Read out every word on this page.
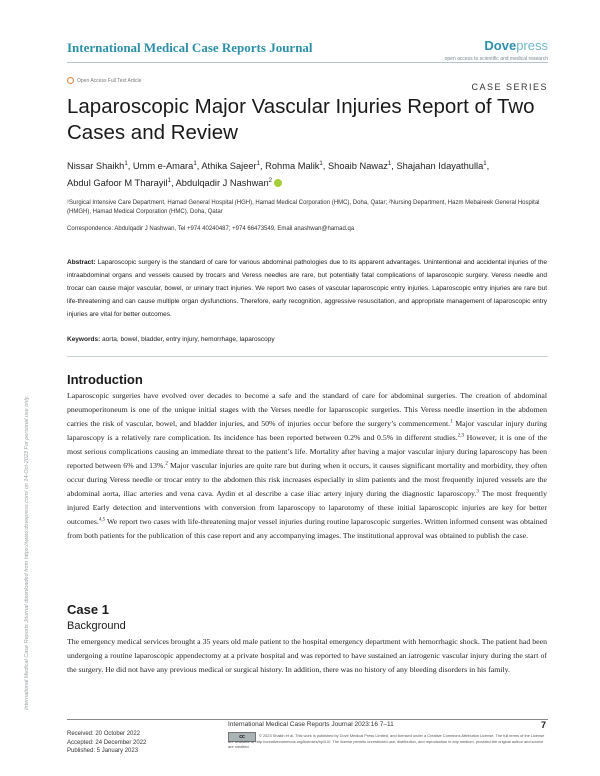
International Medical Case Reports Journal	Dovepress
open access to scientific and medical research
Open Access Full Text Article
CASE SERIES
Laparoscopic Major Vascular Injuries Report of Two Cases and Review
Nissar Shaikh$^1$, Umm e-Amara$^1$, Athika Sajeer$^1$, Rohma Malik$^1$, Shoaib Nawaz$^1$, Shajahan Idayathulla$^1$,
Abdul Gafoor M Tharayil$^1$, Abdulqadir J Nashwan$^2$
¹Surgical Intensive Care Department, Hamad General Hospital (HGH), Hamad Medical Corporation (HMC), Doha, Qatar; ²Nursing Department, Hazm Mebaireek General Hospital (HMGH), Hamad Medical Corporation (HMC), Doha, Qatar
Correspondence: Abdulqadir J Nashwan, Tel +974 40240487; +974 66473549, Email anashwan@hamad.qa
Abstract: Laparoscopic surgery is the standard of care for various abdominal pathologies due to its apparent advantages. Unintentional and accidental injuries of the intraabdominal organs and vessels caused by trocars and Veress needles are rare, but potentially fatal complications of laparoscopic surgery. Veress needle and trocar can cause major vascular, bowel, or urinary tract injuries. We report two cases of vascular laparoscopic entry injuries. Laparoscopic entry injuries are rare but life-threatening and can cause multiple organ dysfunctions. Therefore, early recognition, aggressive resuscitation, and appropriate management of laparoscopic entry injuries are vital for better outcomes.
Keywords: aorta, bowel, bladder, entry injury, hemorrhage, laparoscopy
Introduction
Laparoscopic surgeries have evolved over decades to become a safe and the standard of care for abdominal surgeries. The creation of abdominal pneumoperitoneum is one of the unique initial stages with the Verses needle for laparoscopic surgeries. This Veress needle insertion in the abdomen carries the risk of vascular, bowel, and bladder injuries, and 50% of injuries occur before the surgery’s commencement.$^1$ Major vascular injury during laparoscopy is a relatively rare complication. Its incidence has been reported between 0.2% and 0.5% in different studies.$^{2,3}$ However, it is one of the most serious complications causing an immediate threat to the patient’s life. Mortality after having a major vascular injury during laparoscopy has been reported between 6% and 13%.$^2$ Major vascular injuries are quite rare but during when it occurs, it causes significant mortality and morbidity, they often occur during Veress needle or trocar entry to the abdomen this risk increases especially in slim patients and the most frequently injured vessels are the abdominal aorta, iliac arteries and vena cava. Aydin et al describe a case iliac artery injury during the diagnostic laparoscopy.$^3$ The most frequently injured Early detection and interventions with conversion from laparoscopy to laparotomy of these initial laparoscopic injuries are key for better outcomes.$^{4,5}$ We report two cases with life-threatening major vessel injuries during routine laparoscopic surgeries. Written informed consent was obtained from both patients for the publication of this case report and any accompanying images. The institutional approval was obtained to publish the case.
Case 1
Background
The emergency medical services brought a 35 years old male patient to the hospital emergency department with hemorrhagic shock. The patient had been undergoing a routine laparoscopic appendectomy at a private hospital and was reported to have sustained an iatrogenic vascular injury during the start of the surgery. He did not have any previous medical or surgical history. In addition, there was no history of any bleeding disorders in his family.
Received: 20 October 2022
Accepted: 24 December 2022
Published: 5 January 2023
International Medical Case Reports Journal 2023:16 7–11	7
cc	© 2023 Shaikh et al. This work is published by Dove Medical Press Limited, and licensed under a Creative Commons Attribution License. The full terms of the License are available at http://creativecommons.org/licenses/by/4.0/. The license permits unrestricted use, distribution, and reproduction in any medium, provided the original author and source are credited.
International Medical Case Reports Journal downloaded from https://www.dovepress.com/ on 14-Oct-2023 For personal use only.
